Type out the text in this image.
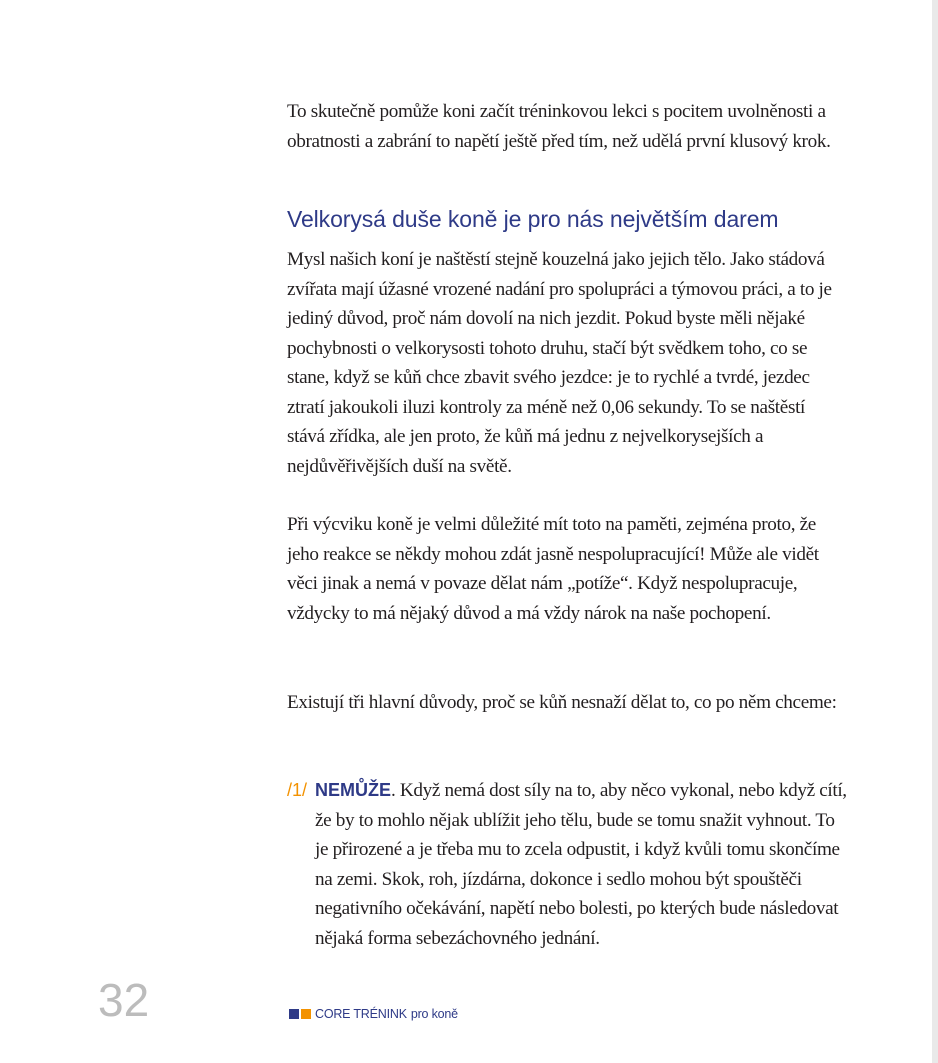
To skutečně pomůže koni začít tréninkovou lekci s pocitem uvolněnosti a obratnosti a zabrání to napětí ještě před tím, než udělá první klusový krok.

Velkorysá duše koně je pro nás největším darem

Mysl našich koní je naštěstí stejně kouzelná jako jejich tělo. Jako stádová zvířata mají úžasné vrozené nadání pro spolupráci a týmovou práci, a to je jediný důvod, proč nám dovolí na nich jezdit. Pokud byste měli nějaké pochybnosti o velkorysosti tohoto druhu, stačí být svědkem toho, co se stane, když se kůň chce zbavit svého jezdce: je to rychlé a tvrdé, jezdec ztratí jakoukoli iluzi kontroly za méně než 0,06 sekundy. To se naštěstí stává zřídka, ale jen proto, že kůň má jednu z nejvelkorysejších a nejdůvěřivějších duší na světě.

Při výcviku koně je velmi důležité mít toto na paměti, zejména proto, že jeho reakce se někdy mohou zdát jasně nespolupracující! Může ale vidět věci jinak a nemá v povaze dělat nám „potíže“. Když nespolupracuje, vždycky to má nějaký důvod a má vždy nárok na naše pochopení.

Existují tři hlavní důvody, proč se kůň nesnaží dělat to, co po něm chceme:

/1/ NEMŮŽE. Když nemá dost síly na to, aby něco vykonal, nebo když cítí, že by to mohlo nějak ublížit jeho tělu, bude se tomu snažit vyhnout. To je přirozené a je třeba mu to zcela odpustit, i když kvůli tomu skončíme na zemi. Skok, roh, jízdárna, dokonce i sedlo mohou být spouštěči negativního očekávání, napětí nebo bolesti, po kterých bude následovat nějaká forma sebezáchovného jednání.
32	CORE TRÉNINK
pro koně
